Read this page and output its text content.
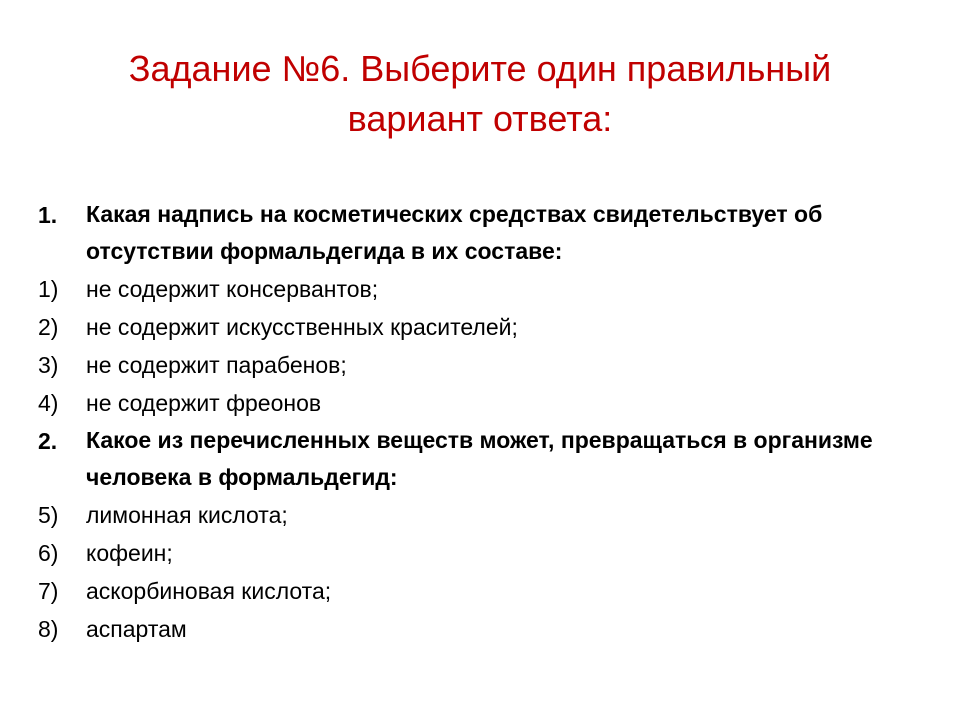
Задание №6. Выберите один правильный
вариант ответа:
1.	Какая надпись на косметических средствах свидетельствует об отсутствии формальдегида в их составе:
1)	не содержит консервантов;
2)	не содержит искусственных красителей;
3)	не содержит парабенов;
4)	не содержит фреонов
2.	Какое из перечисленных веществ может, превращаться в организме человека в формальдегид:
5)	лимонная кислота;
6)	кофеин;
7)	аскорбиновая кислота;
8)	аспартам
